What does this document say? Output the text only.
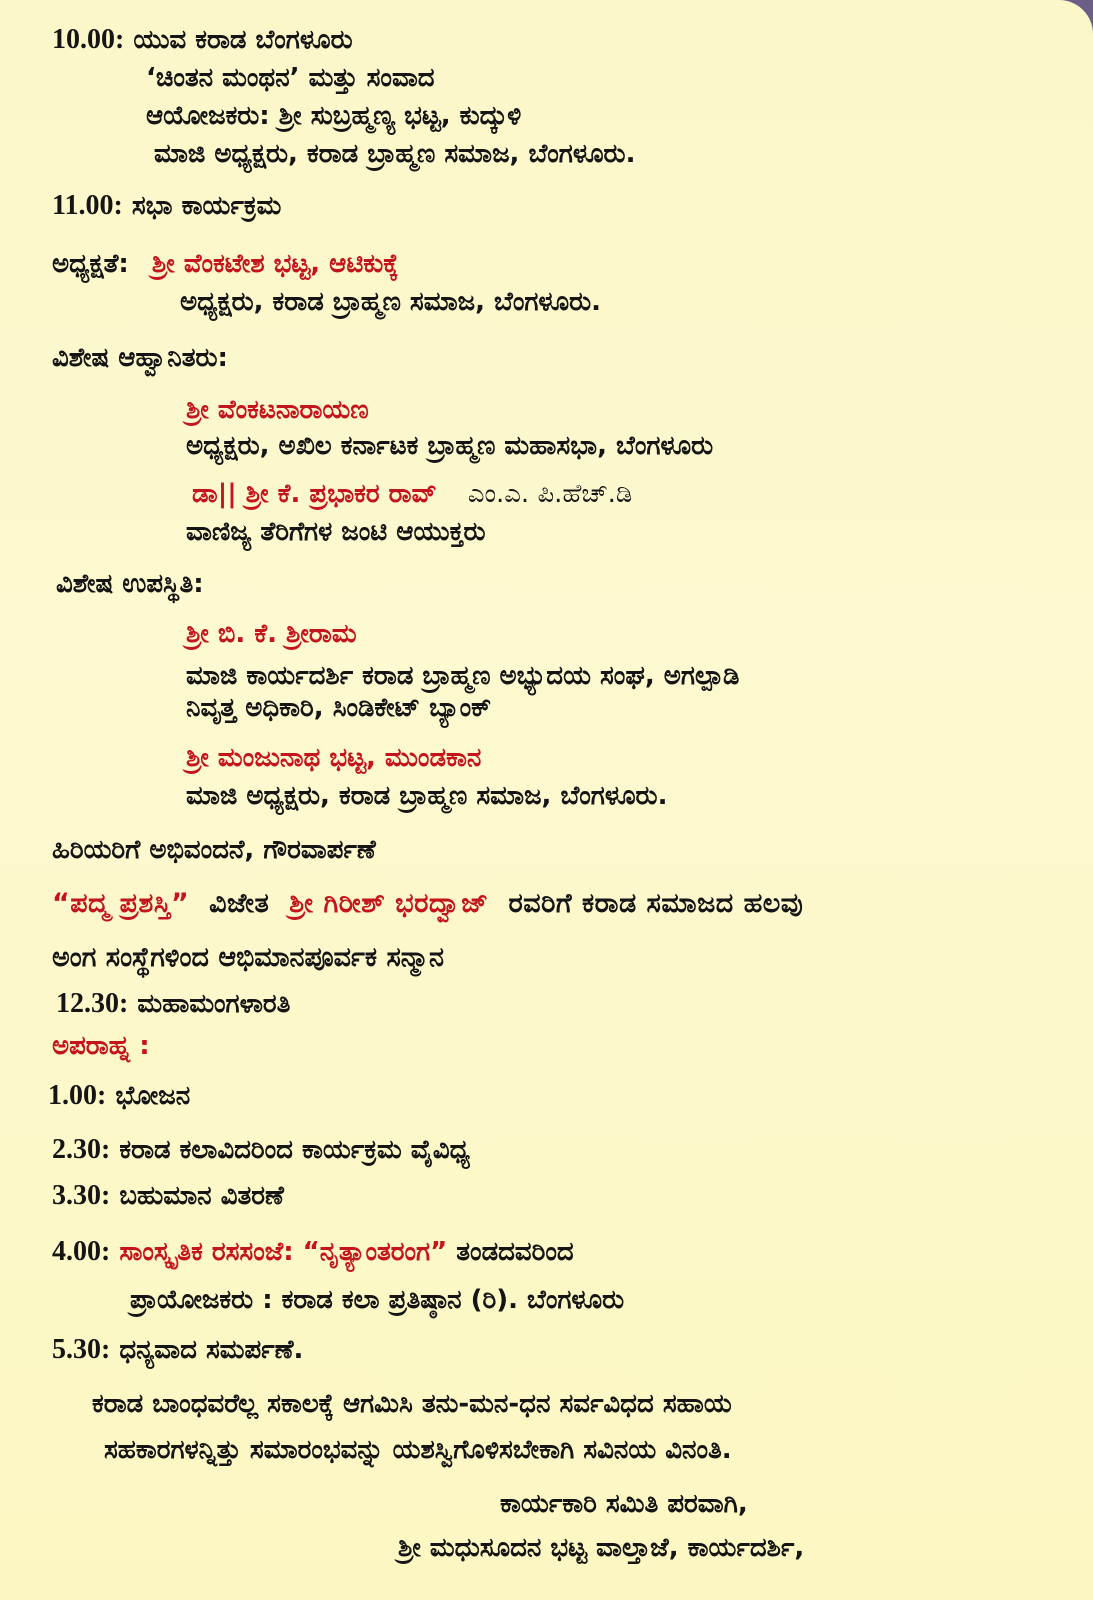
10.00: ಯುವ ಕರಾಡ ಬೆಂಗಳೂರು
‘ಚಿಂತನ ಮಂಥನ’ ಮತ್ತು ಸಂವಾದ
ಆಯೋಜಕರು: ಶ್ರೀ ಸುಬ್ರಹ್ಮಣ್ಯ ಭಟ್ಟ, ಕುದ್ಕುಳಿ
ಮಾಜಿ ಅಧ್ಯಕ್ಷರು, ಕರಾಡ ಬ್ರಾಹ್ಮಣ ಸಮಾಜ, ಬೆಂಗಳೂರು.
11.00: ಸಭಾ ಕಾರ್ಯಕ್ರಮ
ಅಧ್ಯಕ್ಷತೆ: ಶ್ರೀ ವೆಂಕಟೇಶ ಭಟ್ಟ, ಆಟಿಕುಕ್ಕೆ
ಅಧ್ಯಕ್ಷರು, ಕರಾಡ ಬ್ರಾಹ್ಮಣ ಸಮಾಜ, ಬೆಂಗಳೂರು.
ವಿಶೇಷ ಆಹ್ವಾನಿತರು:
ಶ್ರೀ ವೆಂಕಟನಾರಾಯಣ
ಅಧ್ಯಕ್ಷರು, ಅಖಿಲ ಕರ್ನಾಟಕ ಬ್ರಾಹ್ಮಣ ಮಹಾಸಭಾ, ಬೆಂಗಳೂರು
ಡಾ|| ಶ್ರೀ ಕೆ. ಪ್ರಭಾಕರ ರಾವ್ ಎಂ.ಎ. ಪಿ.ಹೆಚ್.ಡಿ
ವಾಣಿಜ್ಯ ತೆರಿಗೆಗಳ ಜಂಟಿ ಆಯುಕ್ತರು
ವಿಶೇಷ ಉಪಸ್ಥಿತಿ:
ಶ್ರೀ ಬಿ. ಕೆ. ಶ್ರೀರಾಮ
ಮಾಜಿ ಕಾರ್ಯದರ್ಶಿ ಕರಾಡ ಬ್ರಾಹ್ಮಣ ಅಭ್ಯುದಯ ಸಂಘ, ಅಗಲ್ಪಾಡಿ
ನಿವೃತ್ತ ಅಧಿಕಾರಿ, ಸಿಂಡಿಕೇಟ್ ಬ್ಯಾಂಕ್
ಶ್ರೀ ಮಂಜುನಾಥ ಭಟ್ಟ, ಮುಂಡಕಾನ
ಮಾಜಿ ಅಧ್ಯಕ್ಷರು, ಕರಾಡ ಬ್ರಾಹ್ಮಣ ಸಮಾಜ, ಬೆಂಗಳೂರು.
ಹಿರಿಯರಿಗೆ ಅಭಿವಂದನೆ, ಗೌರವಾರ್ಪಣೆ
“ಪದ್ಮ ಪ್ರಶಸ್ತಿ” ವಿಜೇತ ಶ್ರೀ ಗಿರೀಶ್ ಭರದ್ವಾಜ್ ರವರಿಗೆ ಕರಾಡ ಸಮಾಜದ ಹಲವು
ಅಂಗ ಸಂಸ್ಥೆಗಳಿಂದ ಆಭಿಮಾನಪೂರ್ವಕ ಸನ್ಮಾನ
12.30: ಮಹಾಮಂಗಳಾರತಿ
ಅಪರಾಹ್ನ :
1.00: ಭೋಜನ
2.30: ಕರಾಡ ಕಲಾವಿದರಿಂದ ಕಾರ್ಯಕ್ರಮ ವೈವಿಧ್ಯ
3.30: ಬಹುಮಾನ ವಿತರಣೆ
4.00: ಸಾಂಸ್ಕೃತಿಕ ರಸಸಂಜೆ: “ನೃತ್ಯಾಂತರಂಗ” ತಂಡದವರಿಂದ
ಪ್ರಾಯೋಜಕರು : ಕರಾಡ ಕಲಾ ಪ್ರತಿಷ್ಠಾನ (ರಿ). ಬೆಂಗಳೂರು
5.30: ಧನ್ಯವಾದ ಸಮರ್ಪಣೆ.
ಕರಾಡ ಬಾಂಧವರೆಲ್ಲ ಸಕಾಲಕ್ಕೆ ಆಗಮಿಸಿ ತನು-ಮನ-ಧನ ಸರ್ವವಿಧದ ಸಹಾಯ
ಸಹಕಾರಗಳನ್ನಿತ್ತು ಸಮಾರಂಭವನ್ನು ಯಶಸ್ವಿಗೊಳಿಸಬೇಕಾಗಿ ಸವಿನಯ ವಿನಂತಿ.
ಕಾರ್ಯಕಾರಿ ಸಮಿತಿ ಪರವಾಗಿ,
ಶ್ರೀ ಮಧುಸೂದನ ಭಟ್ಟ ವಾಲ್ತಾಜೆ, ಕಾರ್ಯದರ್ಶಿ,
